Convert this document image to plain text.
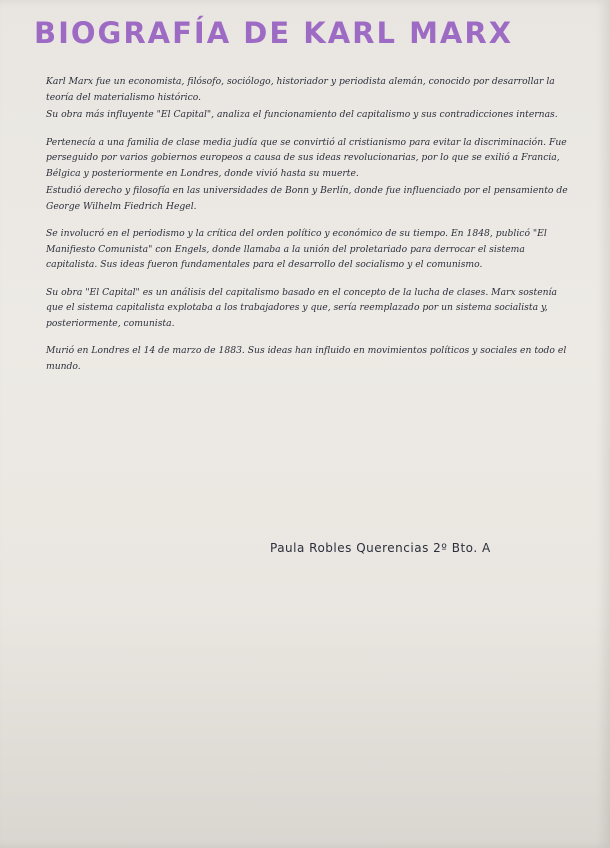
BIOGRAFÍA DE KARL MARX

Karl Marx fue un economista, filósofo, sociólogo, historiador y periodista alemán, conocido por desarrollar la teoría del materialismo histórico.

Su obra más influyente "El Capital", analiza el funcionamiento del capitalismo y sus contradicciones internas.

Pertenecía a una familia de clase media judía que se convirtió al cristianismo para evitar la discriminación. Fue perseguido por varios gobiernos europeos a causa de sus ideas revolucionarias, por lo que se exilió a Francia, Bélgica y posteriormente en Londres, donde vivió hasta su muerte.

Estudió derecho y filosofía en las universidades de Bonn y Berlín, donde fue influenciado por el pensamiento de George Wilhelm Fiedrich Hegel.

Se involucró en el periodismo y la crítica del orden político y económico de su tiempo. En 1848, publicó "El Manifiesto Comunista" con Engels, donde llamaba a la unión del proletariado para derrocar el sistema capitalista. Sus ideas fueron fundamentales para el desarrollo del socialismo y el comunismo.

Su obra "El Capital" es un análisis del capitalismo basado en el concepto de la lucha de clases. Marx sostenía que el sistema capitalista explotaba a los trabajadores y que, sería reemplazado por un sistema socialista y, posteriormente, comunista.

Murió en Londres el 14 de marzo de 1883. Sus ideas han influido en movimientos políticos y sociales en todo el mundo.

Paula Robles Querencias 2º Bto. A
